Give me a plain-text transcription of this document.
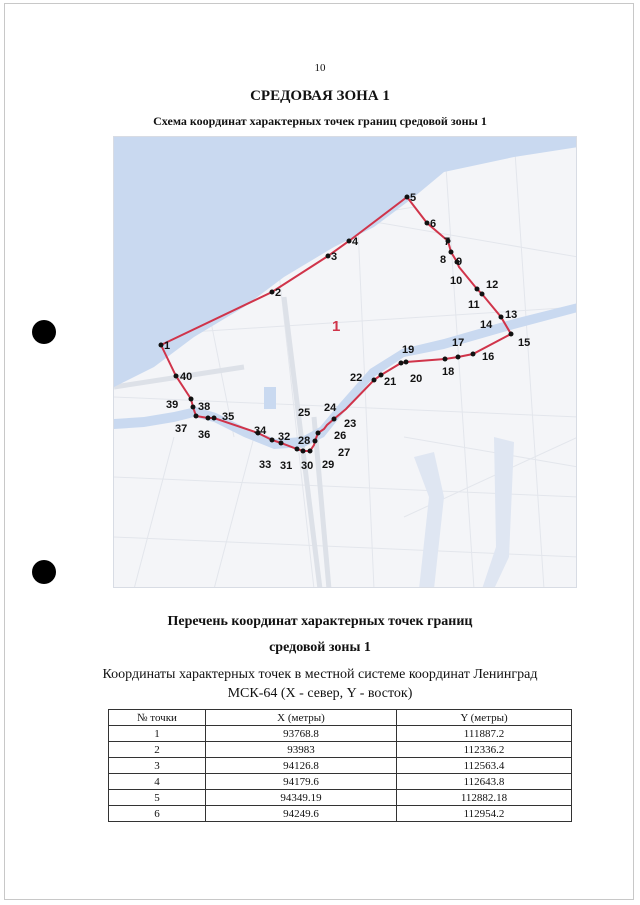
10
СРЕДОВАЯ ЗОНА 1
Схема координат характерных точек границ средовой зоны 1
1
1
2
3
4
5
6
7
8 9
10
11
12
13
14
15
16
17
18
19
20
21
22
23
24
25
26
27
28
29
30
31
32
33
34
35
36
37
38
39
40
Перечень координат характерных точек границ
средовой зоны 1
Координаты характерных точек в местной системе координат Ленинград МСК-64 (X - север, Y - восток)
№ точки	X (метры)	Y (метры)
1	93768.8	111887.2
2	93983	112336.2
3	94126.8	112563.4
4	94179.6	112643.8
5	94349.19	112882.18
6	94249.6	112954.2
